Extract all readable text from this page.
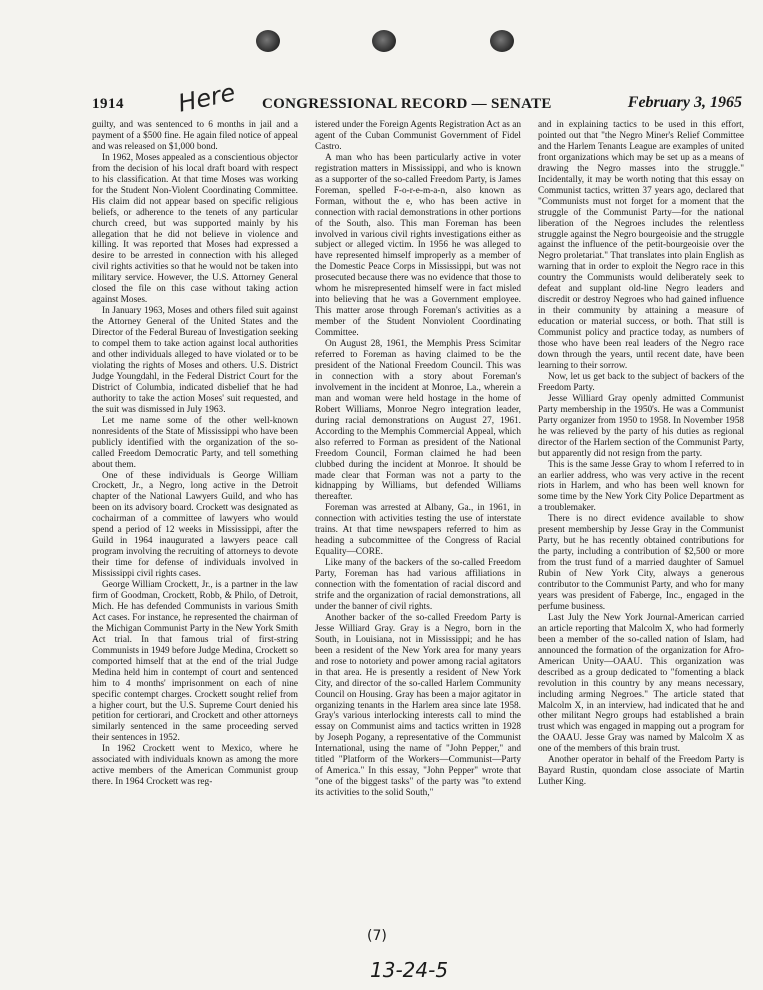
Here
1914	CONGRESSIONAL RECORD — SENATE	February 3, 1965

guilty, and was sentenced to 6 months in jail and a payment of a $500 fine. He again filed notice of appeal and was released on $1,000 bond.

In 1962, Moses appealed as a conscientious objector from the decision of his local draft board with respect to his classification. At that time Moses was working for the Student Non-Violent Coordinating Committee. His claim did not appear based on specific religious beliefs, or adherence to the tenets of any particular church creed, but was supported mainly by his allegation that he did not believe in violence and killing. It was reported that Moses had expressed a desire to be arrested in connection with his alleged civil rights activities so that he would not be taken into military service. However, the U.S. Attorney General closed the file on this case without taking action against Moses.

In January 1963, Moses and others filed suit against the Attorney General of the United States and the Director of the Federal Bureau of Investigation seeking to compel them to take action against local authorities and other individuals alleged to have violated or to be violating the rights of Moses and others. U.S. District Judge Youngdahl, in the Federal District Court for the District of Columbia, indicated disbelief that he had authority to take the action Moses' suit requested, and the suit was dismissed in July 1963.

Let me name some of the other well-known nonresidents of the State of Mississippi who have been publicly identified with the organization of the so-called Freedom Democratic Party, and tell something about them.

One of these individuals is George William Crockett, Jr., a Negro, long active in the Detroit chapter of the National Lawyers Guild, and who has been on its advisory board. Crockett was designated as cochairman of a committee of lawyers who would spend a period of 12 weeks in Mississippi, after the Guild in 1964 inaugurated a lawyers peace call program involving the recruiting of attorneys to devote their time for defense of individuals involved in Mississippi civil rights cases.

George William Crockett, Jr., is a partner in the law firm of Goodman, Crockett, Robb, & Philo, of Detroit, Mich. He has defended Communists in various Smith Act cases. For instance, he represented the chairman of the Michigan Communist Party in the New York Smith Act trial. In that famous trial of first-string Communists in 1949 before Judge Medina, Crockett so comported himself that at the end of the trial Judge Medina held him in contempt of court and sentenced him to 4 months' imprisonment on each of nine specific contempt charges. Crockett sought relief from a higher court, but the U.S. Supreme Court denied his petition for certiorari, and Crockett and other attorneys similarly sentenced in the same proceeding served their sentences in 1952.

In 1962 Crockett went to Mexico, where he associated with individuals known as among the more active members of the American Communist group there. In 1964 Crockett was reg-

istered under the Foreign Agents Registration Act as an agent of the Cuban Communist Government of Fidel Castro.

A man who has been particularly active in voter registration matters in Mississippi, and who is known as a supporter of the so-called Freedom Party, is James Foreman, spelled F-o-r-e-m-a-n, also known as Forman, without the e, who has been active in connection with racial demonstrations in other portions of the South, also. This man Foreman has been involved in various civil rights investigations either as subject or alleged victim. In 1956 he was alleged to have represented himself improperly as a member of the Domestic Peace Corps in Mississippi, but was not prosecuted because there was no evidence that those to whom he misrepresented himself were in fact misled into believing that he was a Government employee. This matter arose through Foreman's activities as a member of the Student Nonviolent Coordinating Committee.

On August 28, 1961, the Memphis Press Scimitar referred to Foreman as having claimed to be the president of the National Freedom Council. This was in connection with a story about Foreman's involvement in the incident at Monroe, La., wherein a man and woman were held hostage in the home of Robert Williams, Monroe Negro integration leader, during racial demonstrations on August 27, 1961. According to the Memphis Commercial Appeal, which also referred to Forman as president of the National Freedom Council, Forman claimed he had been clubbed during the incident at Monroe. It should be made clear that Forman was not a party to the kidnapping by Williams, but defended Williams thereafter.

Foreman was arrested at Albany, Ga., in 1961, in connection with activities testing the use of interstate trains. At that time newspapers referred to him as heading a subcommittee of the Congress of Racial Equality—CORE.

Like many of the backers of the so-called Freedom Party, Foreman has had various affiliations in connection with the fomentation of racial discord and strife and the organization of racial demonstrations, all under the banner of civil rights.

Another backer of the so-called Freedom Party is Jesse Williard Gray. Gray is a Negro, born in the South, in Louisiana, not in Mississippi; and he has been a resident of the New York area for many years and rose to notoriety and power among racial agitators in that area. He is presently a resident of New York City, and director of the so-called Harlem Community Council on Housing. Gray has been a major agitator in organizing tenants in the Harlem area since late 1958. Gray's various interlocking interests call to mind the essay on Communist aims and tactics written in 1928 by Joseph Pogany, a representative of the Communist International, using the name of "John Pepper," and titled "Platform of the Workers—Communist—Party of America." In this essay, "John Pepper" wrote that "one of the biggest tasks" of the party was "to extend its activities to the solid South,"

and in explaining tactics to be used in this effort, pointed out that "the Negro Miner's Relief Committee and the Harlem Tenants League are examples of united front organizations which may be set up as a means of drawing the Negro masses into the struggle." Incidentally, it may be worth noting that this essay on Communist tactics, written 37 years ago, declared that "Communists must not forget for a moment that the struggle of the Communist Party—for the national liberation of the Negroes includes the relentless struggle against the Negro bourgeoisie and the struggle against the influence of the petit-bourgeoisie over the Negro proletariat." That translates into plain English as warning that in order to exploit the Negro race in this country the Communists would deliberately seek to defeat and supplant old-line Negro leaders and discredit or destroy Negroes who had gained influence in their community by attaining a measure of education or material success, or both. That still is Communist policy and practice today, as numbers of those who have been real leaders of the Negro race down through the years, until recent date, have been learning to their sorrow.

Now, let us get back to the subject of backers of the Freedom Party.

Jesse Williard Gray openly admitted Communist Party membership in the 1950's. He was a Communist Party organizer from 1950 to 1958. In November 1958 he was relieved by the party of his duties as regional director of the Harlem section of the Communist Party, but apparently did not resign from the party.

This is the same Jesse Gray to whom I referred to in an earlier address, who was very active in the recent riots in Harlem, and who has been well known for some time by the New York City Police Department as a troublemaker.

There is no direct evidence available to show present membership by Jesse Gray in the Communist Party, but he has recently obtained contributions for the party, including a contribution of $2,500 or more from the trust fund of a married daughter of Samuel Rubin of New York City, always a generous contributor to the Communist Party, and who for many years was president of Faberge, Inc., engaged in the perfume business.

Last July the New York Journal-American carried an article reporting that Malcolm X, who had formerly been a member of the so-called nation of Islam, had announced the formation of the organization for Afro-American Unity—OAAU. This organization was described as a group dedicated to "fomenting a black revolution in this country by any means necessary, including arming Negroes." The article stated that Malcolm X, in an interview, had indicated that he and other militant Negro groups had established a brain trust which was engaged in mapping out a program for the OAAU. Jesse Gray was named by Malcolm X as one of the members of this brain trust.

Another operator in behalf of the Freedom Party is Bayard Rustin, quondam close associate of Martin Luther King.

(7)
13-24-5
